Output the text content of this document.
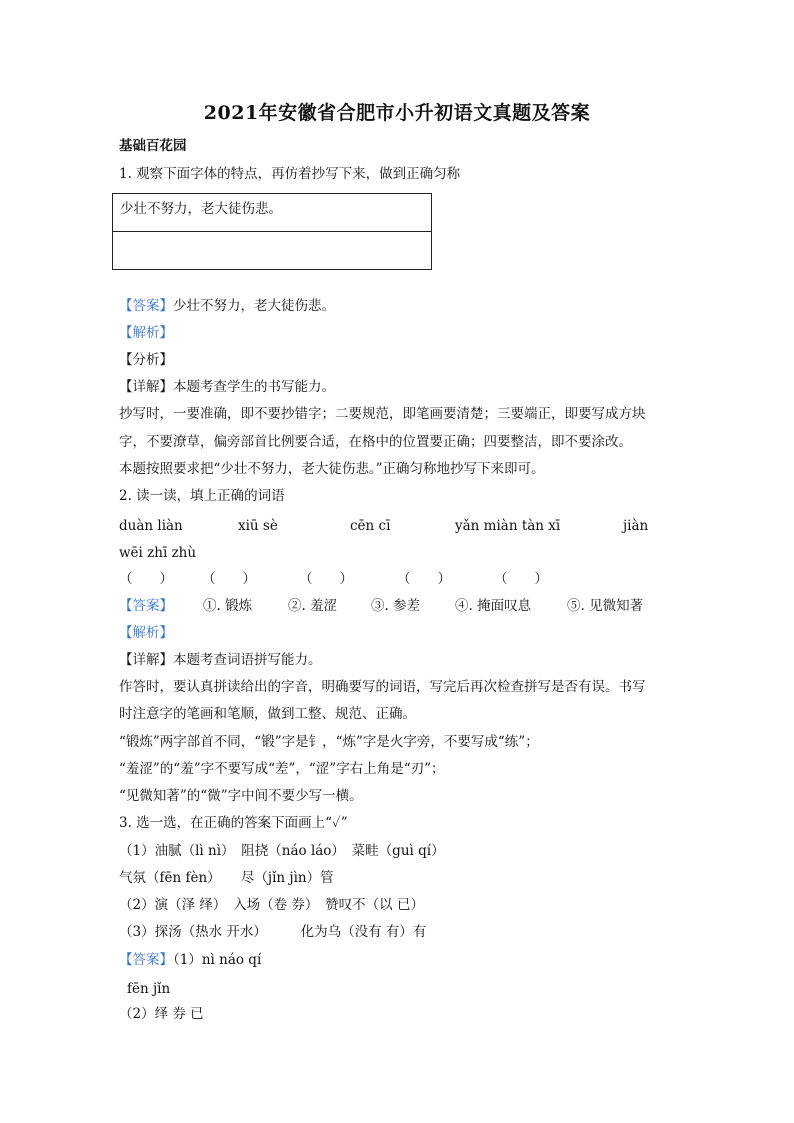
2021年安徽省合肥市小升初语文真题及答案
基础百花园
1. 观察下面字体的特点，再仿着抄写下来，做到正确匀称
少壮不努力，老大徒伤悲。
【答案】少壮不努力，老大徒伤悲。
【解析】
【分析】
【详解】本题考查学生的书写能力。
抄写时，一要准确，即不要抄错字；二要规范，即笔画要清楚；三要端正，即要写成方块
字，不要潦草，偏旁部首比例要合适，在格中的位置要正确；四要整洁，即不要涂改。
本题按照要求把“少壮不努力，老大徒伤悲。”正确匀称地抄写下来即可。
2. 读一读，填上正确的词语
duàn liàn	xiū sè	cēn cī	yǎn miàn tàn xī	jiàn
wēi zhī zhù
（　　） （　　）	（　　）	（　　）	（　　）
【答案】 ①. 锻炼	②. 羞涩	③. 参差	④. 掩面叹息	⑤. 见微知著
【解析】
【详解】本题考查词语拼写能力。
作答时，要认真拼读给出的字音，明确要写的词语，写完后再次检查拼写是否有误。书写
时注意字的笔画和笔顺，做到工整、规范、正确。
“锻炼”两字部首不同，“锻”字是钅，“炼”字是火字旁，不要写成“练”；
“羞涩”的“羞”字不要写成“差”，“涩”字右上角是“刃”；
“见微知著”的“微”字中间不要少写一横。
3. 选一选，在正确的答案下面画上“✓”
（1）油腻（lì nì）　阻挠（náo láo）　菜畦（guì qí）
气氛（fēn fèn）　　尽（jǐn jìn）管
（2）演（泽 绎）　入场（卷 券）　赞叹不（以 已）
（3）探汤（热水 开水）　　　化为乌（没有 有）有
【答案】（1）nì náo qí
fēn jǐn
（2）绎 券 已
